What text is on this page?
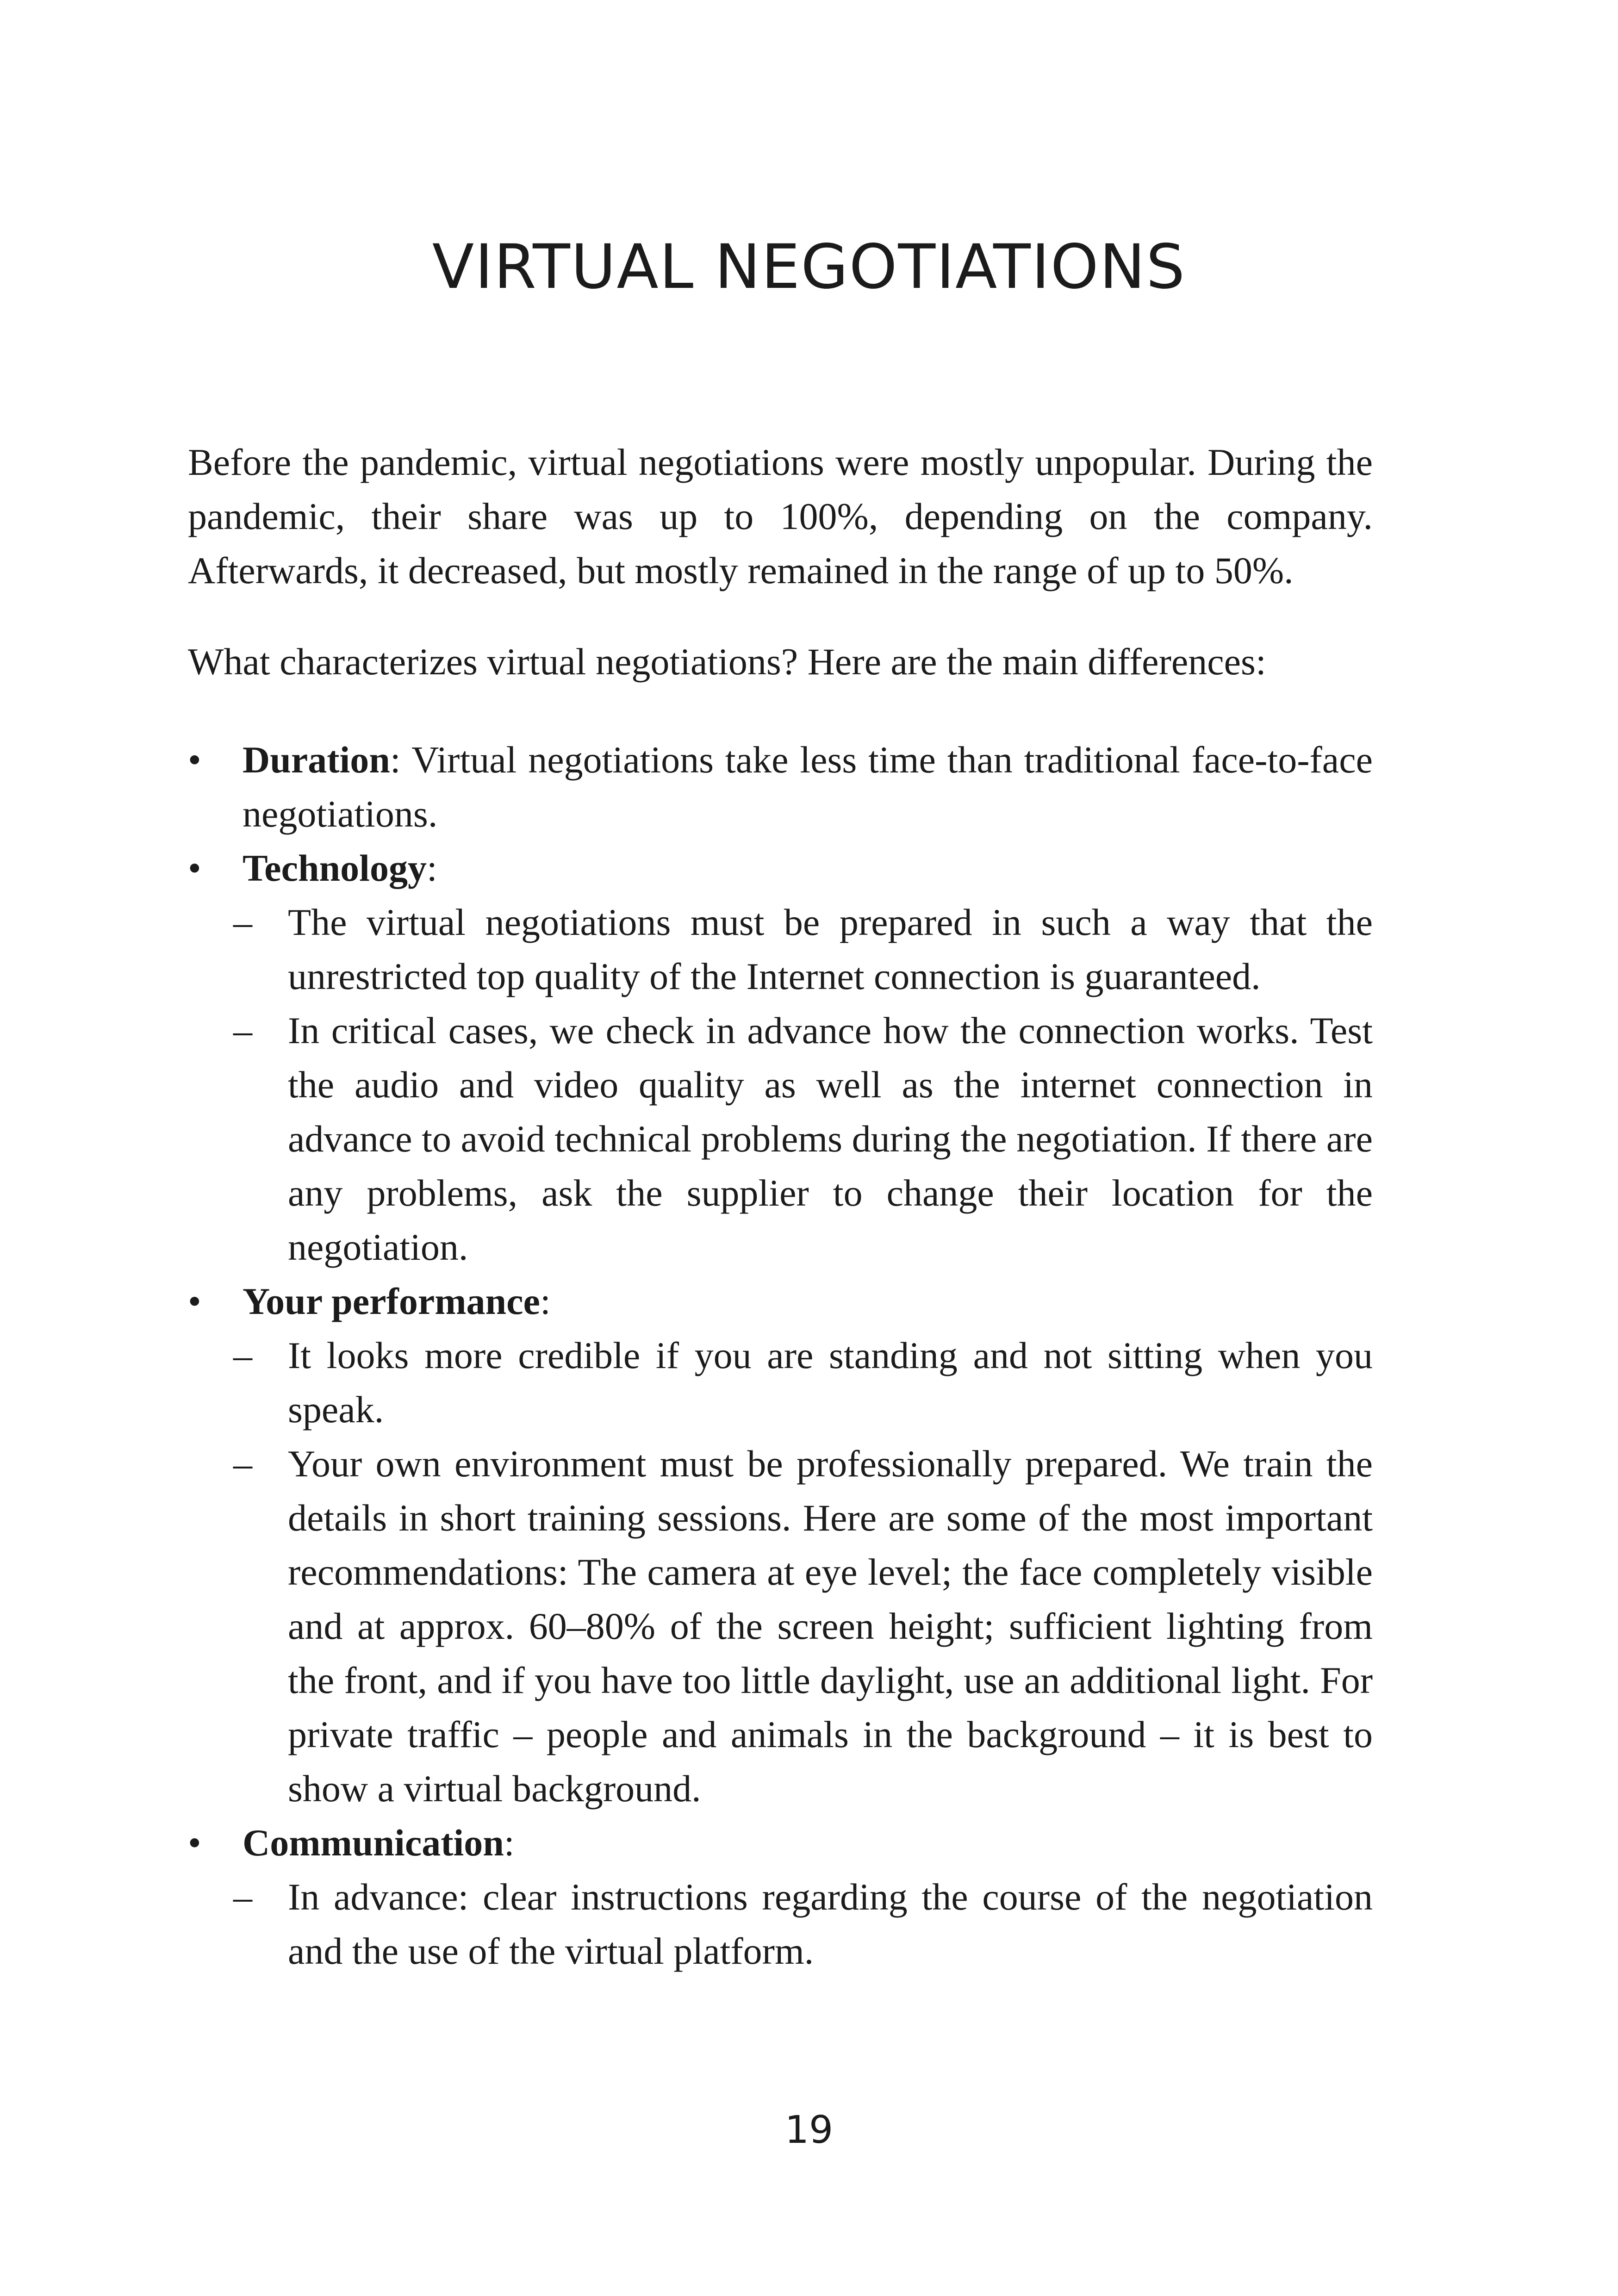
VIRTUAL NEGOTIATIONS

Before the pandemic, virtual negotiations were mostly unpopular. During the pandemic, their share was up to 100%, depending on the company. Afterwards, it decreased, but mostly remained in the range of up to 50%.

What characterizes virtual negotiations? Here are the main differences:

• Duration: Virtual negotiations take less time than traditional face-to-face negotiations.
• Technology:
– The virtual negotiations must be prepared in such a way that the unrestricted top quality of the Internet connection is guaranteed.
– In critical cases, we check in advance how the connection works. Test the audio and video quality as well as the internet connection in advance to avoid technical problems during the negotiation. If there are any problems, ask the supplier to change their location for the negotiation.
• Your performance:
– It looks more credible if you are standing and not sitting when you speak.
– Your own environment must be professionally prepared. We train the details in short training sessions. Here are some of the most important recommendations: The camera at eye level; the face completely visible and at approx. 60–80% of the screen height; sufficient lighting from the front, and if you have too little daylight, use an additional light. For private traffic – people and animals in the background – it is best to show a virtual background.
• Communication:
– In advance: clear instructions regarding the course of the negotiation and the use of the virtual platform.
19
